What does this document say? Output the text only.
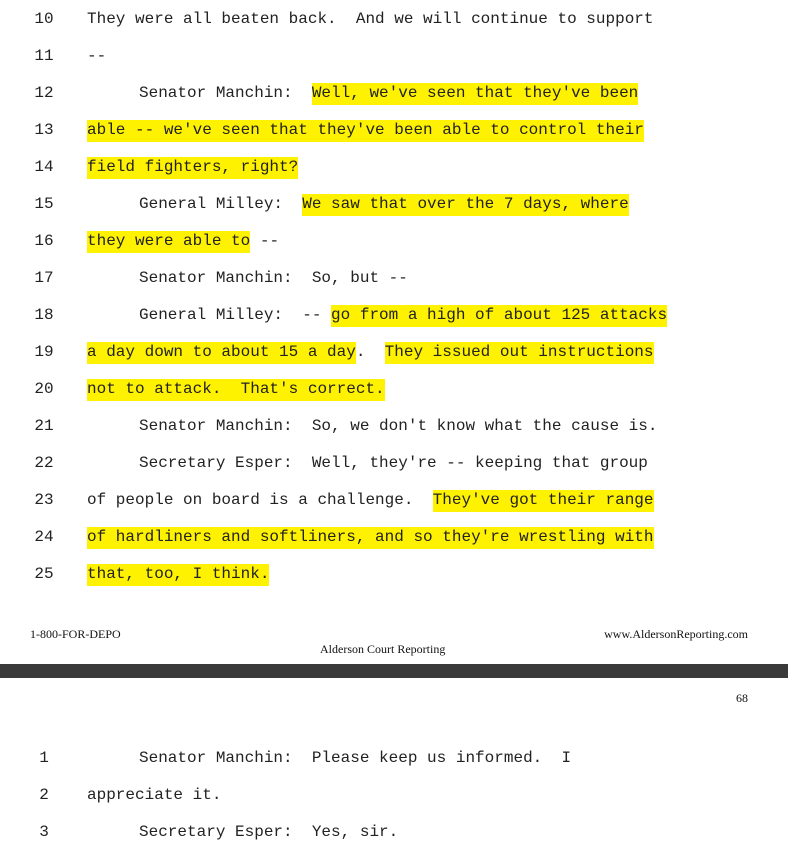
10	They were all beaten back.  And we will continue to support
11	--
12	Senator Manchin:  Well, we've seen that they've been
13	able -- we've seen that they've been able to control their
14	field fighters, right?
15	General Milley:  We saw that over the 7 days, where
16	they were able to --
17	Senator Manchin:  So, but --
18	General Milley:  -- go from a high of about 125 attacks
19	a day down to about 15 a day.  They issued out instructions
20	not to attack.  That's correct.
21	Senator Manchin:  So, we don't know what the cause is.
22	Secretary Esper:  Well, they're -- keeping that group
23	of people on board is a challenge.  They've got their range
24	of hardliners and softliners, and so they're wrestling with
25	that, too, I think.
1-800-FOR-DEPO
Alderson Court Reporting
www.AldersonReporting.com
68
1	Senator Manchin:  Please keep us informed.  I
2	appreciate it.
3	Secretary Esper:  Yes, sir.
